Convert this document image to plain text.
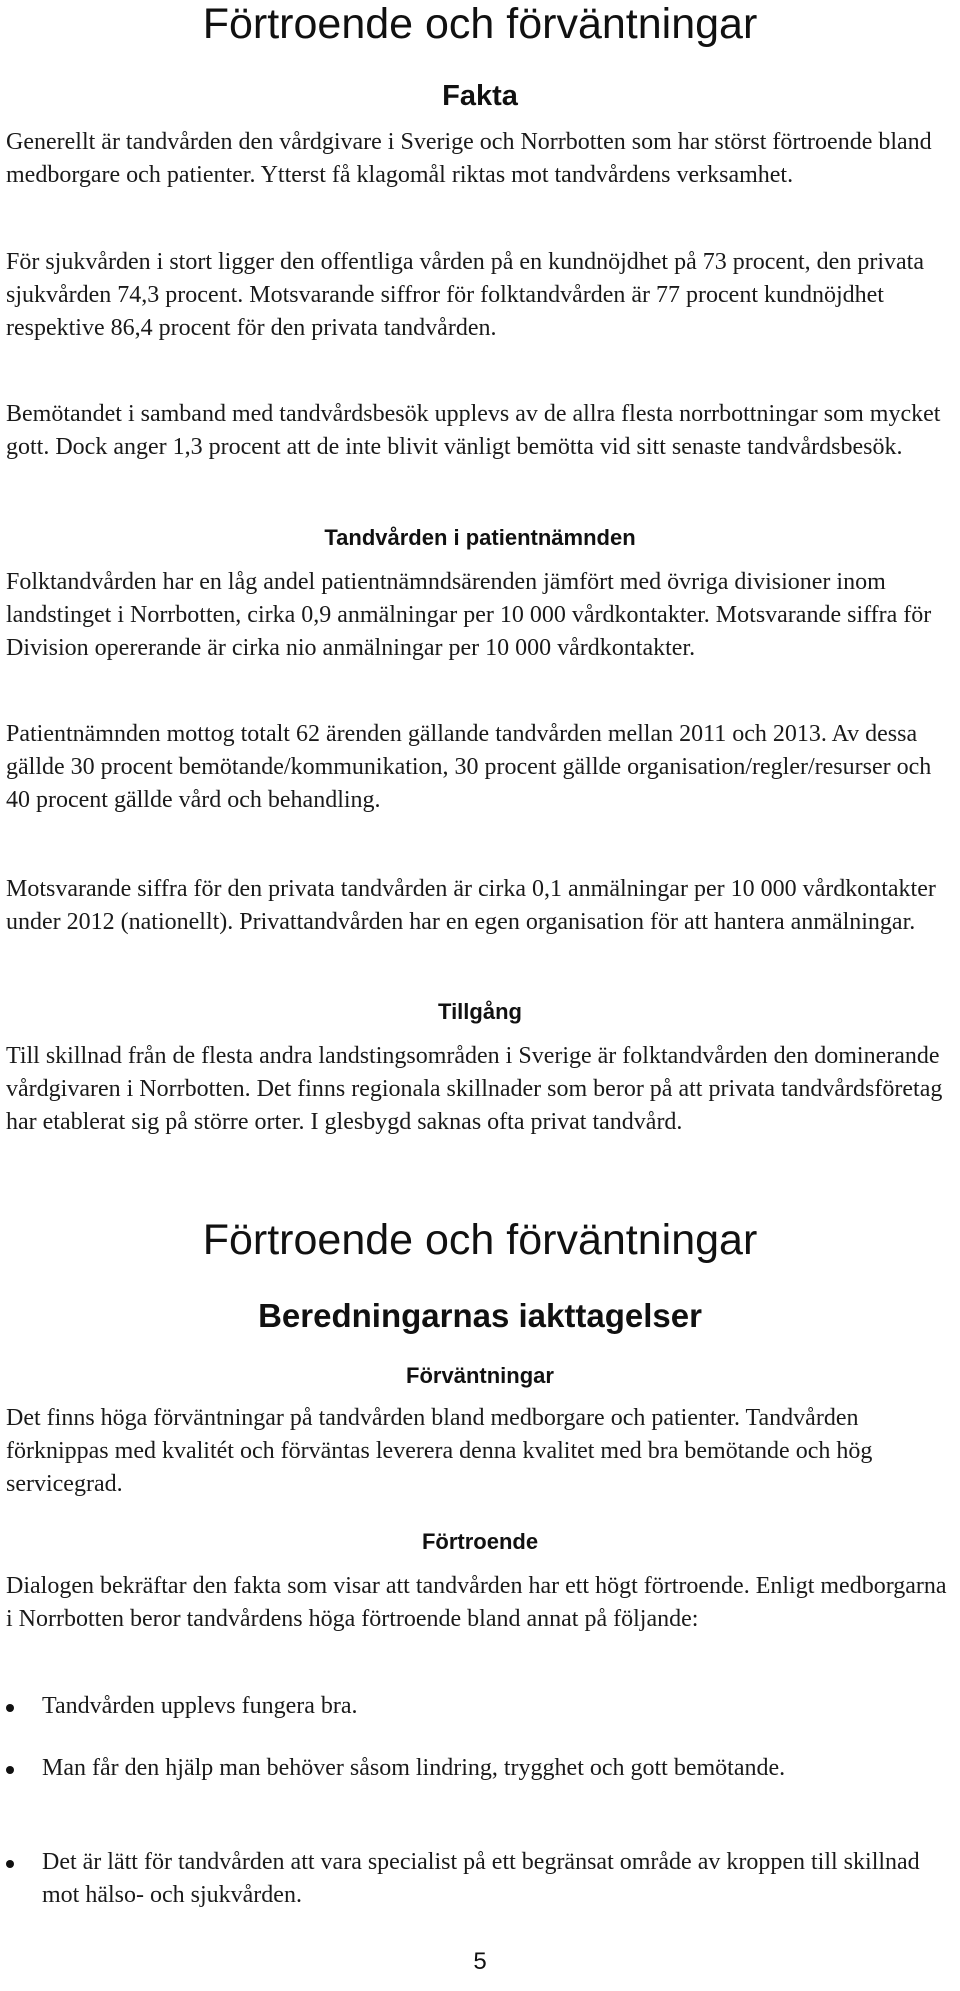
Förtroende och förväntningar
Fakta
Generellt är tandvården den vårdgivare i Sverige och Norrbotten som har störst förtroende bland medborgare och patienter. Ytterst få klagomål riktas mot tandvårdens verksamhet.
För sjukvården i stort ligger den offentliga vården på en kundnöjdhet på 73 procent, den privata sjukvården 74,3 procent. Motsvarande siffror för folktandvården är 77 procent kundnöjdhet respektive 86,4 procent för den privata tandvården.
Bemötandet i samband med tandvårdsbesök upplevs av de allra flesta norrbottningar som mycket gott. Dock anger 1,3 procent att de inte blivit vänligt bemötta vid sitt senaste tandvårdsbesök.
Tandvården i patientnämnden
Folktandvården har en låg andel patientnämndsärenden jämfört med övriga divisioner inom landstinget i Norrbotten, cirka 0,9 anmälningar per 10 000 vårdkontakter. Motsvarande siffra för Division opererande är cirka nio anmälningar per 10 000 vårdkontakter.
Patientnämnden mottog totalt 62 ärenden gällande tandvården mellan 2011 och 2013. Av dessa gällde 30 procent bemötande/kommunikation, 30 procent gällde organisation/regler/resurser och 40 procent gällde vård och behandling.
Motsvarande siffra för den privata tandvården är cirka 0,1 anmälningar per 10 000 vårdkontakter under 2012 (nationellt). Privattandvården har en egen organisation för att hantera anmälningar.
Tillgång
Till skillnad från de flesta andra landstingsområden i Sverige är folktandvården den dominerande vårdgivaren i Norrbotten. Det finns regionala skillnader som beror på att privata tandvårdsföretag har etablerat sig på större orter. I glesbygd saknas ofta privat tandvård.
Förtroende och förväntningar
Beredningarnas iakttagelser
Förväntningar
Det finns höga förväntningar på tandvården bland medborgare och patienter. Tandvården förknippas med kvalitét och förväntas leverera denna kvalitet med bra bemötande och hög servicegrad.
Förtroende
Dialogen bekräftar den fakta som visar att tandvården har ett högt förtroende. Enligt medborgarna i Norrbotten beror tandvårdens höga förtroende bland annat på följande:
Tandvården upplevs fungera bra.
Man får den hjälp man behöver såsom lindring, trygghet och gott bemötande.
Det är lätt för tandvården att vara specialist på ett begränsat område av kroppen till skillnad mot hälso- och sjukvården.
5
